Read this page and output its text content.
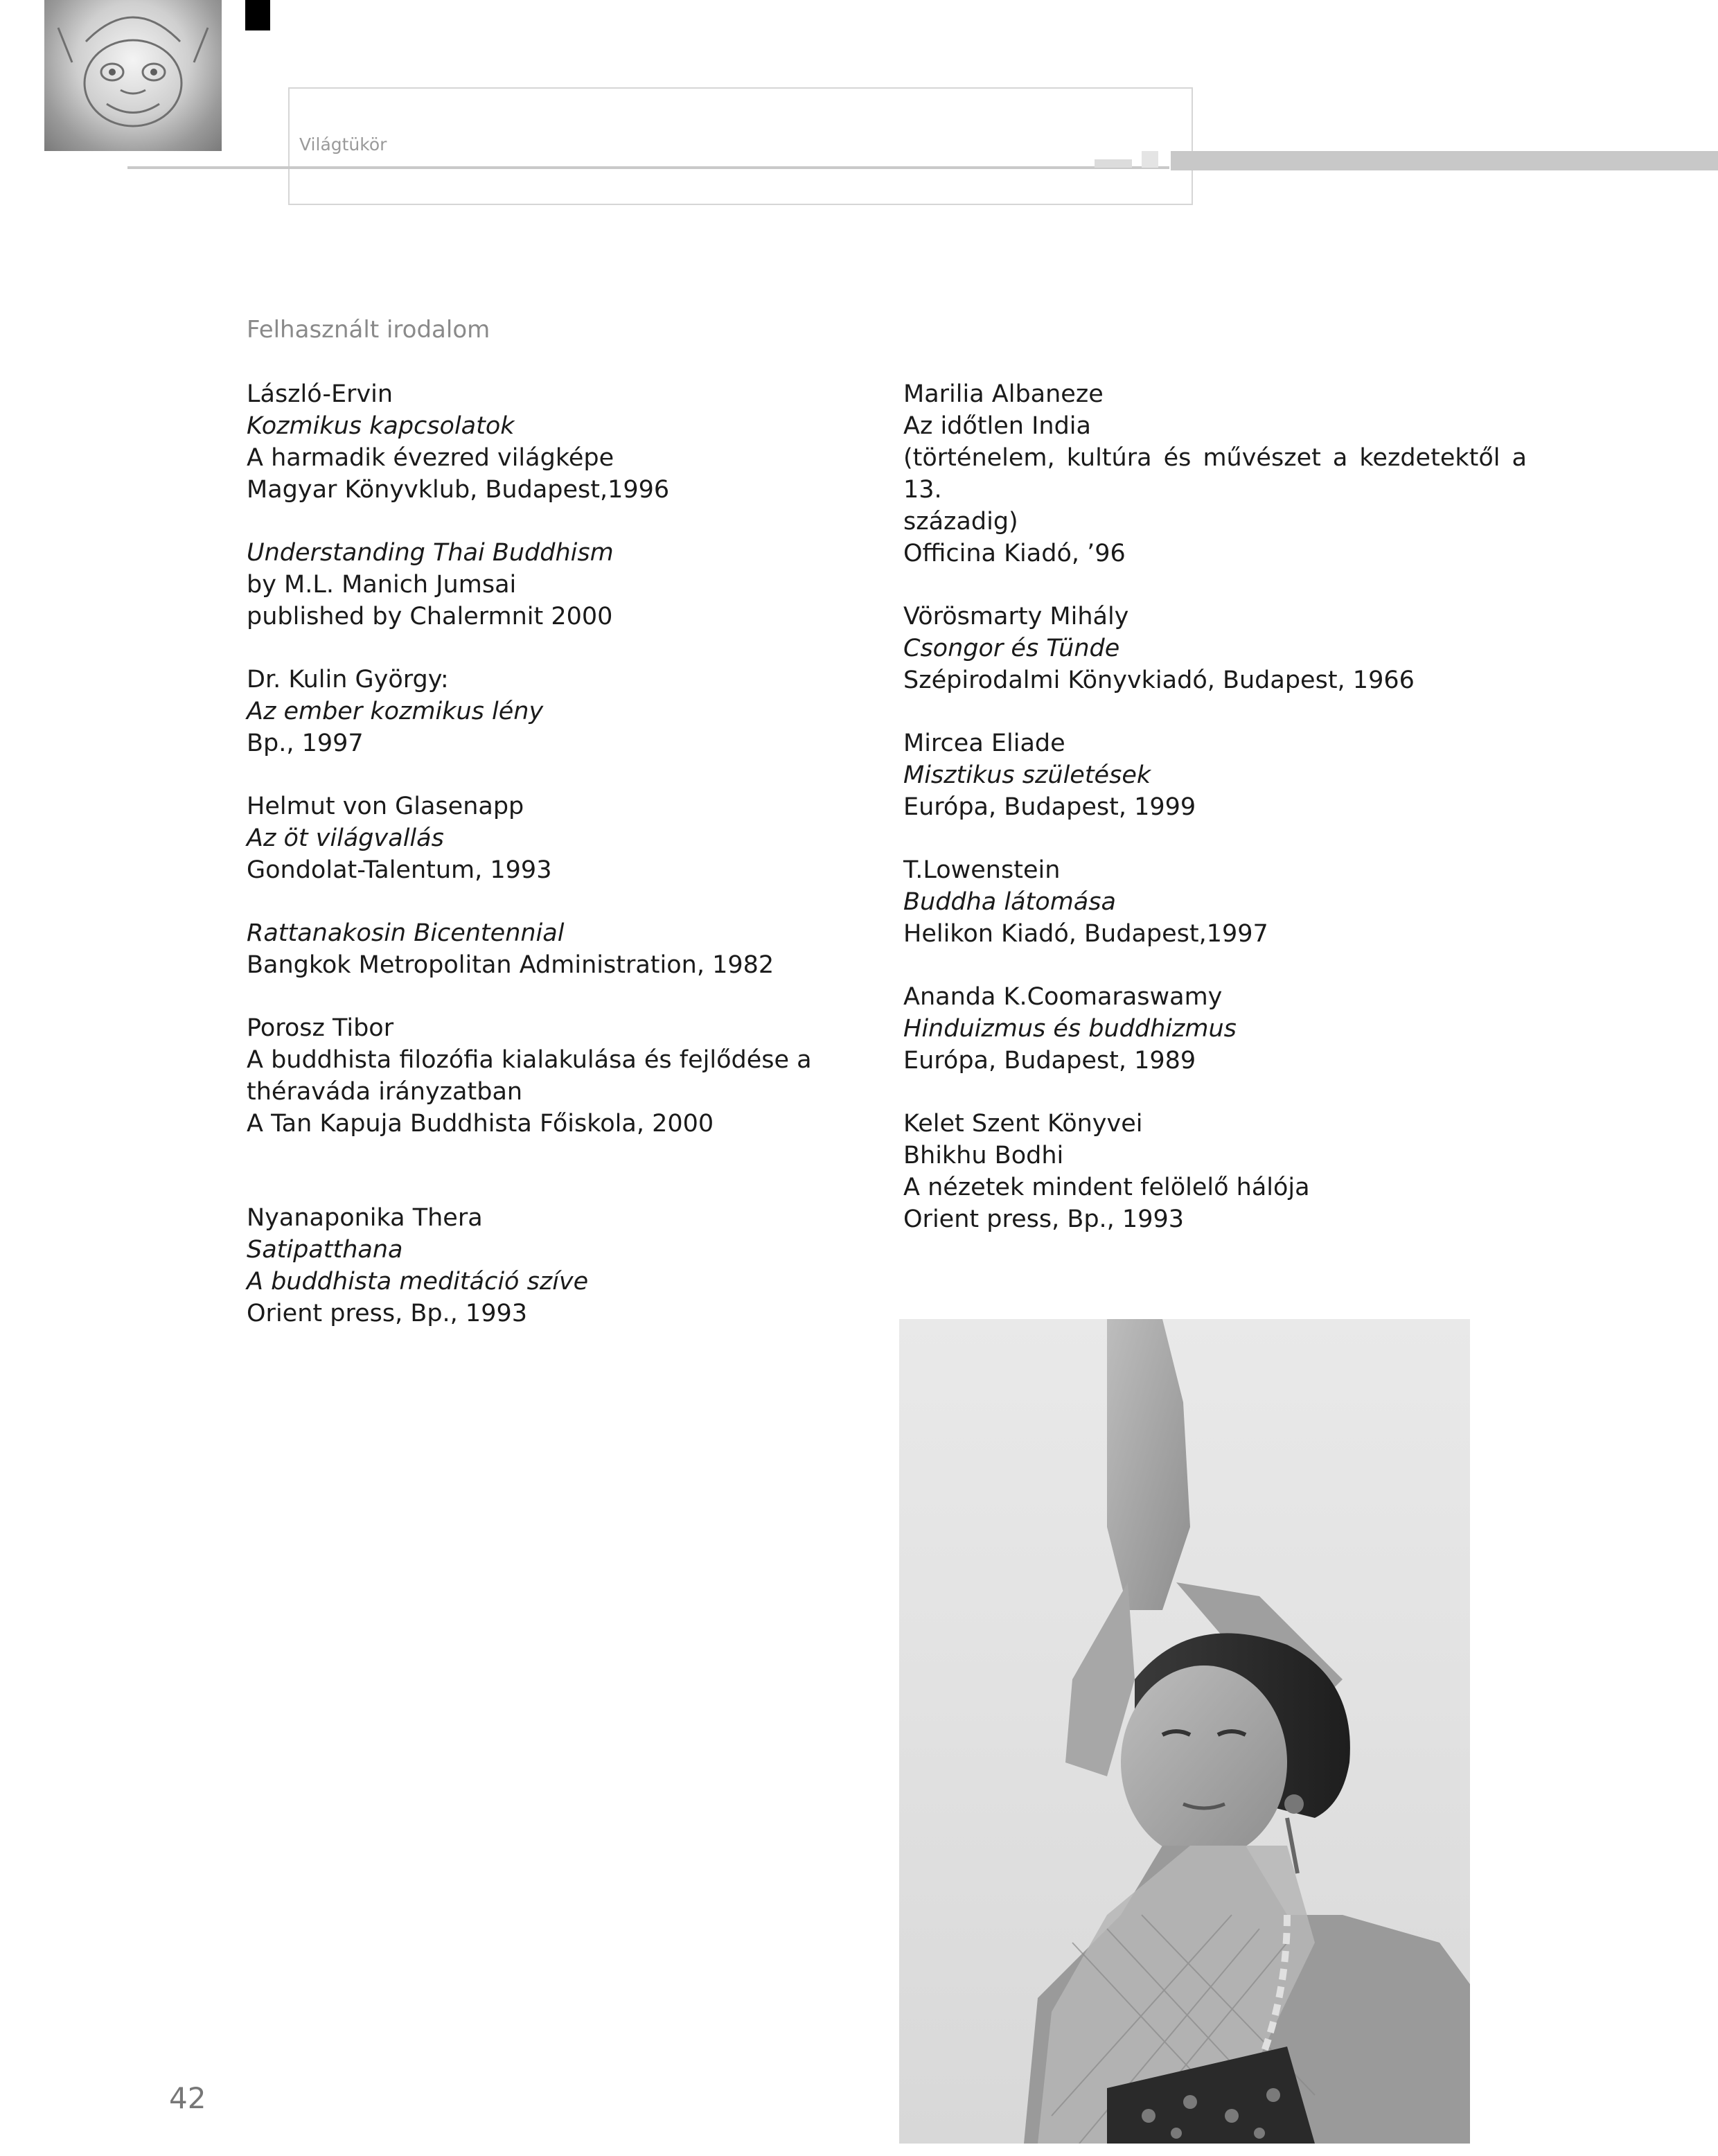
Világtükör
Felhasznált irodalom
László-Ervin
Kozmikus kapcsolatok
A harmadik évezred világképe
Magyar Könyvklub, Budapest,1996
Understanding Thai Buddhism
by M.L. Manich Jumsai
published by Chalermnit 2000
Dr. Kulin György:
Az ember kozmikus lény
Bp., 1997
Helmut von Glasenapp
Az öt világvallás
Gondolat-Talentum, 1993
Rattanakosin Bicentennial
Bangkok Metropolitan Administration, 1982
Porosz Tibor
A buddhista filozófia kialakulása és fejlődése a théraváda irányzatban
A Tan Kapuja Buddhista Főiskola, 2000
Nyanaponika Thera
Satipatthana
A buddhista meditáció szíve
Orient press, Bp., 1993
Marilia Albaneze
Az időtlen India
(történelem, kultúra és művészet a kezdetektől a 13.
századig)
Officina Kiadó, ’96
Vörösmarty Mihály
Csongor és Tünde
Szépirodalmi Könyvkiadó, Budapest, 1966
Mircea Eliade
Misztikus születések
Európa, Budapest, 1999
T.Lowenstein
Buddha látomása
Helikon Kiadó, Budapest,1997
Ananda K.Coomaraswamy
Hinduizmus és buddhizmus
Európa, Budapest, 1989
Kelet Szent Könyvei
Bhikhu Bodhi
A nézetek mindent felölelő hálója
Orient press, Bp., 1993
42
